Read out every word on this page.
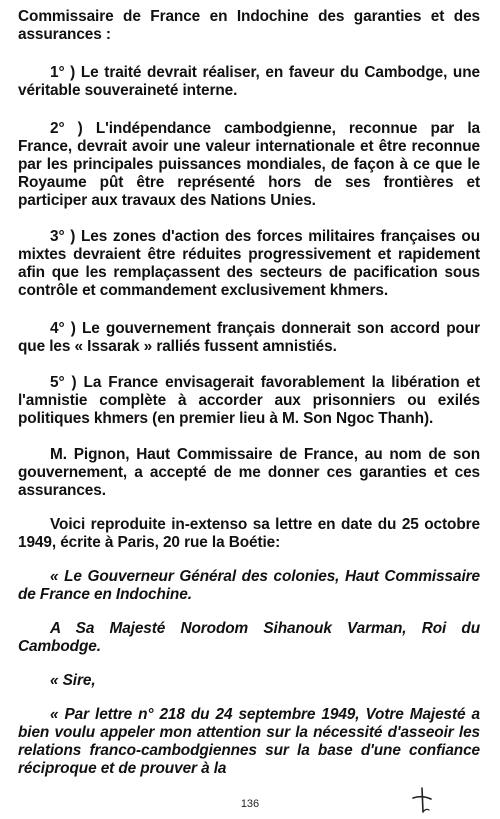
Commissaire de France en Indochine des garanties et des assurances :

1° ) Le traité devrait réaliser, en faveur du Cambodge, une véritable souveraineté interne.

2° ) L'indépendance cambodgienne, reconnue par la France, devrait avoir une valeur internationale et être reconnue par les principales puissances mondiales, de façon à ce que le Royaume pût être représenté hors de ses frontières et participer aux travaux des Nations Unies.

3° ) Les zones d'action des forces militaires françaises ou mixtes devraient être réduites progressivement et rapidement afin que les remplaçassent des secteurs de pacification sous contrôle et commandement exclusivement khmers.

4° ) Le gouvernement français donnerait son accord pour que les « Issarak » ralliés fussent amnistiés.

5° ) La France envisagerait favorablement la libération et l'amnistie complète à accorder aux prisonniers ou exilés politiques khmers (en premier lieu à M. Son Ngoc Thanh).

M. Pignon, Haut Commissaire de France, au nom de son gouvernement, a accepté de me donner ces garanties et ces assurances.

Voici reproduite in-extenso sa lettre en date du 25 octobre 1949, écrite à Paris, 20 rue la Boétie:

« Le Gouverneur Général des colonies, Haut Commissaire de France en Indochine.

A Sa Majesté Norodom Sihanouk Varman, Roi du Cambodge.

« Sire,

« Par lettre n° 218 du 24 septembre 1949, Votre Majesté a bien voulu appeler mon attention sur la nécessité d'asseoir les relations franco-cambodgiennes sur la base d'une confiance réciproque et de prouver à la

136
